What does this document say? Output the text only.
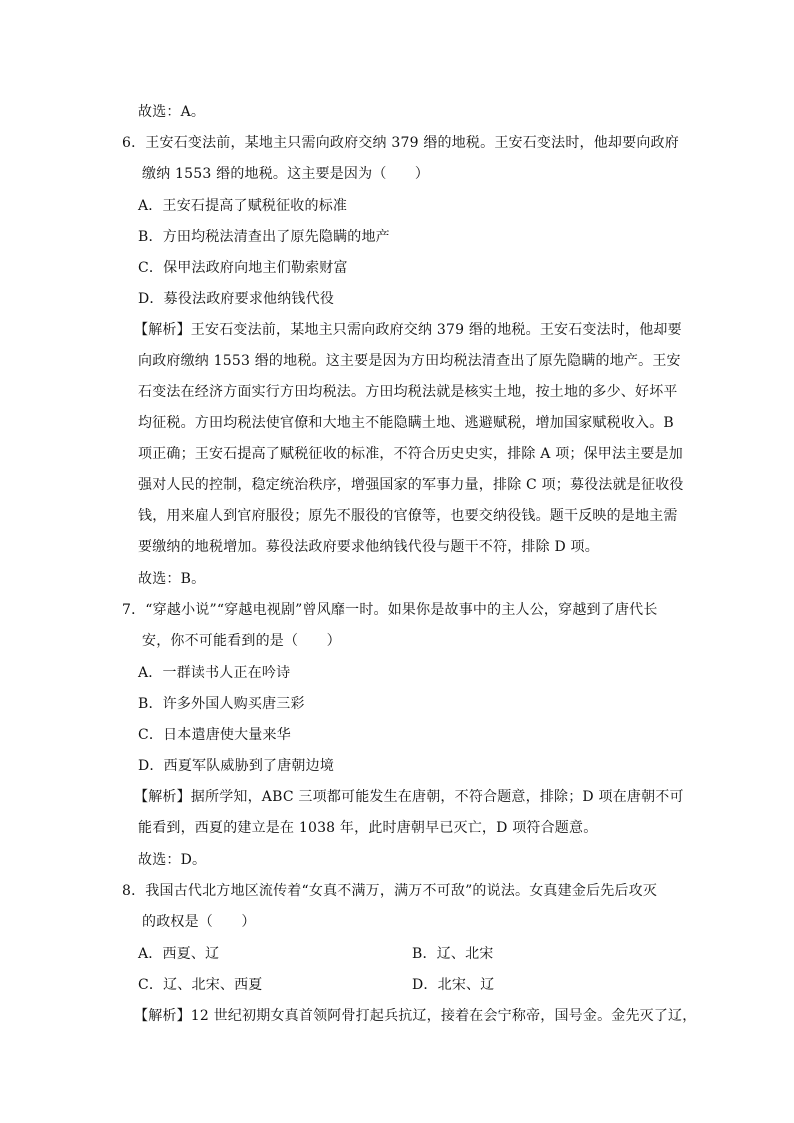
故选：A。
6．王安石变法前，某地主只需向政府交纳 379 缗的地税。王安石变法时，他却要向政府
缴纳 1553 缗的地税。这主要是因为（　　）
A．王安石提高了赋税征收的标准
B．方田均税法清查出了原先隐瞒的地产
C．保甲法政府向地主们勒索财富
D．募役法政府要求他纳钱代役
【解析】王安石变法前，某地主只需向政府交纳 379 缗的地税。王安石变法时，他却要
向政府缴纳 1553 缗的地税。这主要是因为方田均税法清查出了原先隐瞒的地产。王安
石变法在经济方面实行方田均税法。方田均税法就是核实土地，按土地的多少、好坏平
均征税。方田均税法使官僚和大地主不能隐瞒土地、逃避赋税，增加国家赋税收入。B
项正确；王安石提高了赋税征收的标准，不符合历史史实，排除 A 项；保甲法主要是加
强对人民的控制，稳定统治秩序，增强国家的军事力量，排除 C 项；募役法就是征收役
钱，用来雇人到官府服役；原先不服役的官僚等，也要交纳役钱。题干反映的是地主需
要缴纳的地税增加。募役法政府要求他纳钱代役与题干不符，排除 D 项。
故选：B。
7．“穿越小说”“穿越电视剧”曾风靡一时。如果你是故事中的主人公，穿越到了唐代长
安，你不可能看到的是（　　）
A．一群读书人正在吟诗
B．许多外国人购买唐三彩
C．日本遣唐使大量来华
D．西夏军队威胁到了唐朝边境
【解析】据所学知，ABC 三项都可能发生在唐朝，不符合题意，排除；D 项在唐朝不可
能看到，西夏的建立是在 1038 年，此时唐朝早已灭亡，D 项符合题意。
故选：D。
8．我国古代北方地区流传着“女真不满万，满万不可敌”的说法。女真建金后先后攻灭
的政权是（　　）
A．西夏、辽	B．辽、北宋
C．辽、北宋、西夏	D．北宋、辽
【解析】12 世纪初期女真首领阿骨打起兵抗辽，接着在会宁称帝，国号金。金先灭了辽，
